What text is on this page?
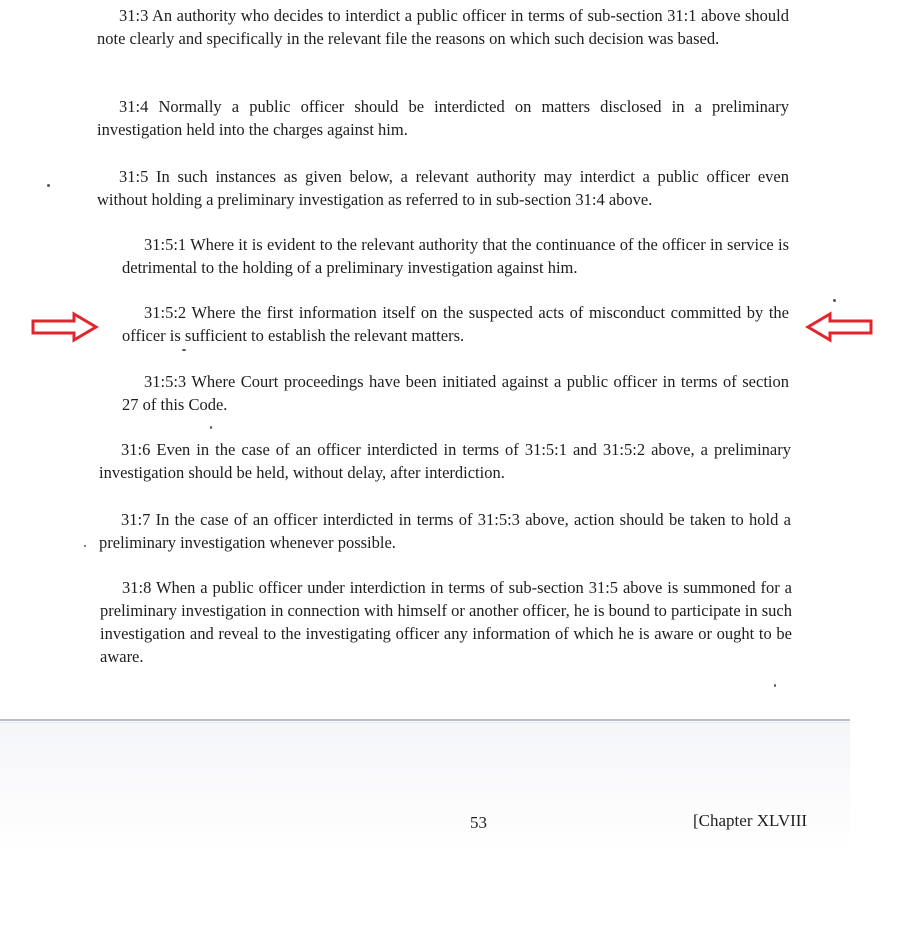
31:3 An authority who decides to interdict a public officer in terms of sub-section 31:1 above should note clearly and specifically in the relevant file the reasons on which such decision was based.

31:4 Normally a public officer should be interdicted on matters disclosed in a preliminary investigation held into the charges against him.

31:5 In such instances as given below, a relevant authority may interdict a public officer even without holding a preliminary investigation as referred to in sub-section 31:4 above.

31:5:1 Where it is evident to the relevant authority that the continuance of the officer in service is detrimental to the holding of a preliminary investigation against him.

31:5:2 Where the first information itself on the suspected acts of misconduct committed by the officer is sufficient to establish the relevant matters.

31:5:3 Where Court proceedings have been initiated against a public officer in terms of section 27 of this Code.

31:6 Even in the case of an officer interdicted in terms of 31:5:1 and 31:5:2 above, a preliminary investigation should be held, without delay, after interdiction.

31:7 In the case of an officer interdicted in terms of 31:5:3 above, action should be taken to hold a preliminary investigation whenever possible.

31:8 When a public officer under interdiction in terms of sub-section 31:5 above is summoned for a preliminary investigation in connection with himself or another officer, he is bound to participate in such investigation and reveal to the investigating officer any information of which he is aware or ought to be aware.

53	[Chapter XLVIII
